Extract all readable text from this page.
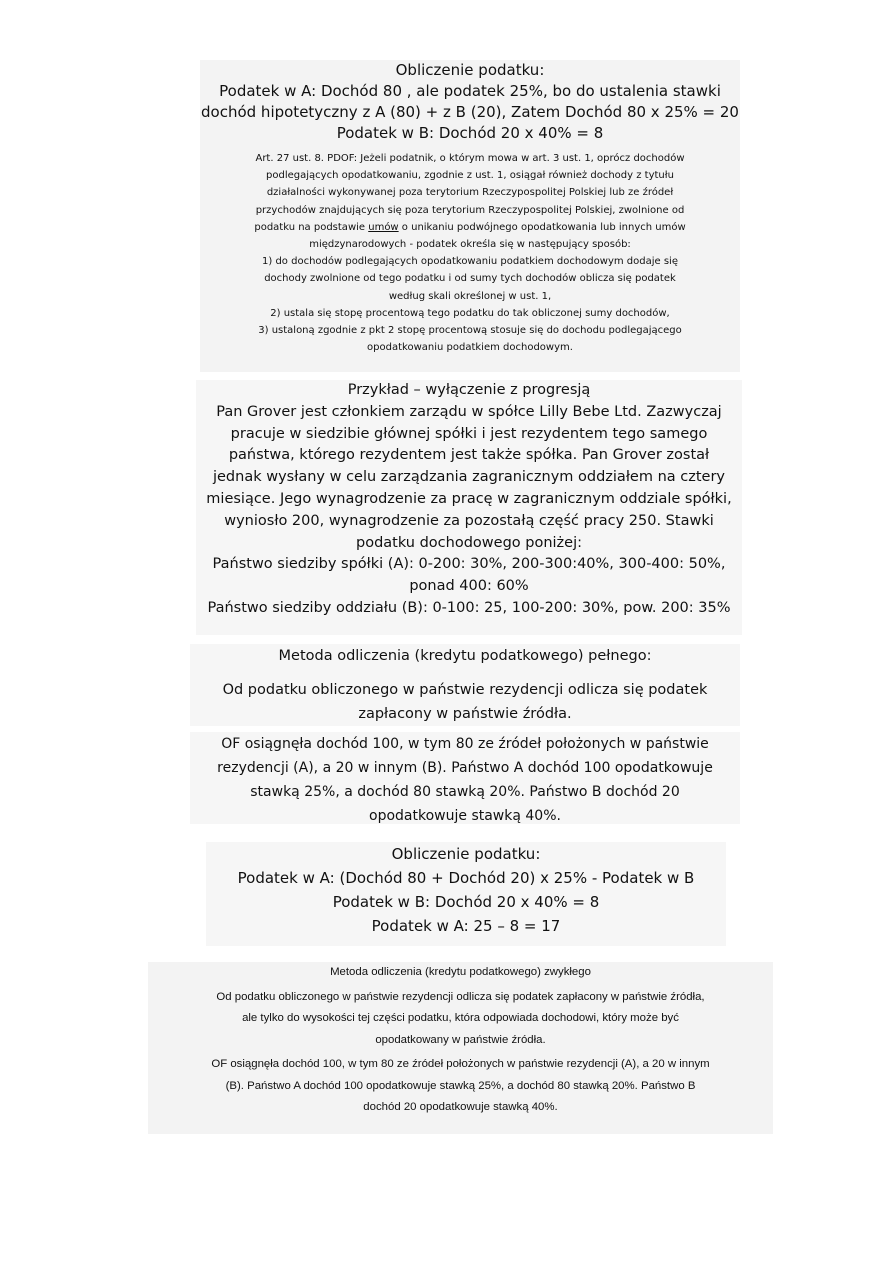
Obliczenie podatku:
Podatek w A: Dochód 80 , ale podatek 25%, bo do ustalenia stawki
dochód hipotetyczny z A (80) + z B (20), Zatem Dochód 80 x 25% = 20
Podatek w B: Dochód 20 x 40% = 8
Art. 27 ust. 8. PDOF: Jeżeli podatnik, o którym mowa w art. 3 ust. 1, oprócz dochodów
podlegających opodatkowaniu, zgodnie z ust. 1, osiągał również dochody z tytułu
działalności wykonywanej poza terytorium Rzeczypospolitej Polskiej lub ze źródeł
przychodów znajdujących się poza terytorium Rzeczypospolitej Polskiej, zwolnione od
podatku na podstawie umów o unikaniu podwójnego opodatkowania lub innych umów
międzynarodowych - podatek określa się w następujący sposób:
1) do dochodów podlegających opodatkowaniu podatkiem dochodowym dodaje się
dochody zwolnione od tego podatku i od sumy tych dochodów oblicza się podatek
według skali określonej w ust. 1,
2) ustala się stopę procentową tego podatku do tak obliczonej sumy dochodów,
3) ustaloną zgodnie z pkt 2 stopę procentową stosuje się do dochodu podlegającego
opodatkowaniu podatkiem dochodowym.
Przykład – wyłączenie z progresją
Pan Grover jest członkiem zarządu w spółce Lilly Bebe Ltd. Zazwyczaj
pracuje w siedzibie głównej spółki i jest rezydentem tego samego
państwa, którego rezydentem jest także spółka. Pan Grover został
jednak wysłany w celu zarządzania zagranicznym oddziałem na cztery
miesiące. Jego wynagrodzenie za pracę w zagranicznym oddziale spółki,
wyniosło 200, wynagrodzenie za pozostałą część pracy 250. Stawki
podatku dochodowego poniżej:
Państwo siedziby spółki (A): 0-200: 30%, 200-300:40%, 300-400: 50%,
ponad 400: 60%
Państwo siedziby oddziału (B): 0-100: 25, 100-200: 30%, pow. 200: 35%
Metoda odliczenia (kredytu podatkowego) pełnego:
Od podatku obliczonego w państwie rezydencji odlicza się podatek
zapłacony w państwie źródła.
OF osiągnęła dochód 100, w tym 80 ze źródeł położonych w państwie
rezydencji (A), a 20 w innym (B). Państwo A dochód 100 opodatkowuje
stawką 25%, a dochód 80 stawką 20%. Państwo B dochód 20
opodatkowuje stawką 40%.
Obliczenie podatku:
Podatek w A: (Dochód 80 + Dochód 20) x 25% - Podatek w B
Podatek w B: Dochód 20 x 40% = 8
Podatek w A: 25 – 8 = 17
Metoda odliczenia (kredytu podatkowego) zwykłego
Od podatku obliczonego w państwie rezydencji odlicza się podatek zapłacony w państwie źródła,
ale tylko do wysokości tej części podatku, która odpowiada dochodowi, który może być
opodatkowany w państwie źródła.
OF osiągnęła dochód 100, w tym 80 ze źródeł położonych w państwie rezydencji (A), a 20 w innym
(B). Państwo A dochód 100 opodatkowuje stawką 25%, a dochód 80 stawką 20%. Państwo B
dochód 20 opodatkowuje stawką 40%.
